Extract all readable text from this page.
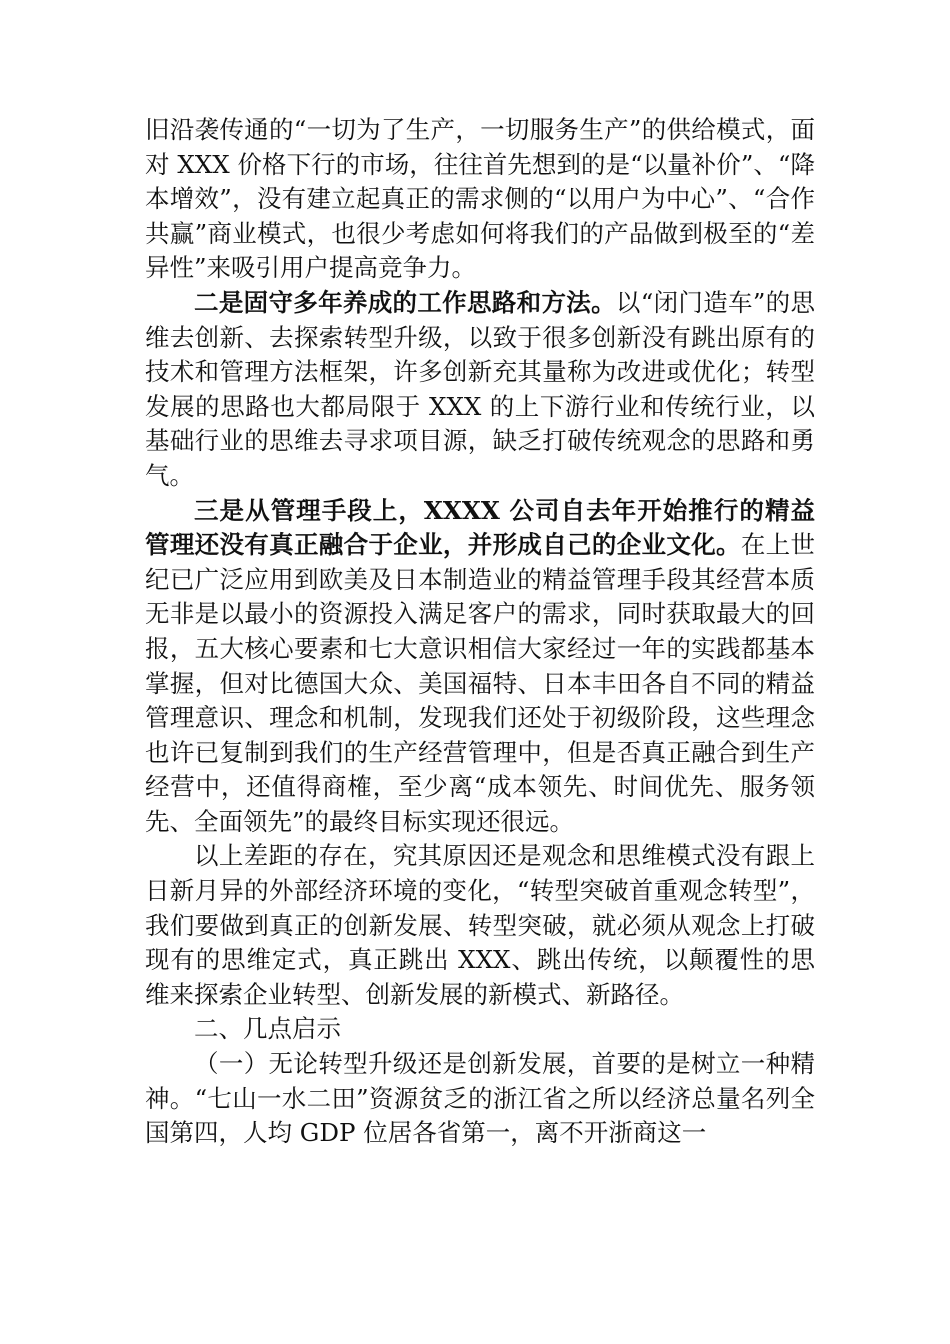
旧沿袭传通的“一切为了生产，一切服务生产”的供给模式，面对 XXX 价格下行的市场，往往首先想到的是“以量补价”、“降本增效”，没有建立起真正的需求侧的“以用户为中心”、“合作共赢”商业模式，也很少考虑如何将我们的产品做到极至的“差异性”来吸引用户提高竞争力。

二是固守多年养成的工作思路和方法。以“闭门造车”的思维去创新、去探索转型升级，以致于很多创新没有跳出原有的技术和管理方法框架，许多创新充其量称为改进或优化；转型发展的思路也大都局限于 XXX 的上下游行业和传统行业，以基础行业的思维去寻求项目源，缺乏打破传统观念的思路和勇气。

三是从管理手段上，XXXX 公司自去年开始推行的精益管理还没有真正融合于企业，并形成自己的企业文化。在上世纪已广泛应用到欧美及日本制造业的精益管理手段其经营本质无非是以最小的资源投入满足客户的需求，同时获取最大的回报，五大核心要素和七大意识相信大家经过一年的实践都基本掌握，但对比德国大众、美国福特、日本丰田各自不同的精益管理意识、理念和机制，发现我们还处于初级阶段，这些理念也许已复制到我们的生产经营管理中，但是否真正融合到生产经营中，还值得商榷，至少离“成本领先、时间优先、服务领先、全面领先”的最终目标实现还很远。

以上差距的存在，究其原因还是观念和思维模式没有跟上日新月异的外部经济环境的变化，“转型突破首重观念转型”，我们要做到真正的创新发展、转型突破，就必须从观念上打破现有的思维定式，真正跳出 XXX、跳出传统，以颠覆性的思维来探索企业转型、创新发展的新模式、新路径。

二、几点启示

（一）无论转型升级还是创新发展，首要的是树立一种精神。“七山一水二田”资源贫乏的浙江省之所以经济总量名列全国第四，人均 GDP 位居各省第一，离不开浙商这一
